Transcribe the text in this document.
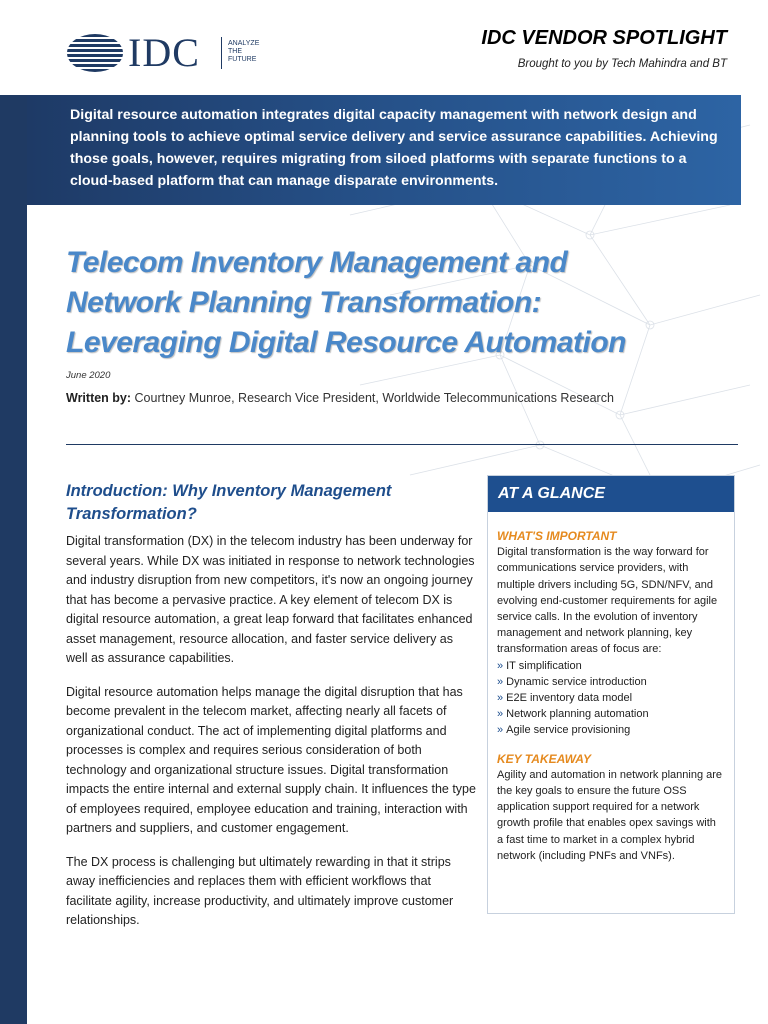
IDC	ANALYZE
THE
FUTURE
IDC VENDOR SPOTLIGHT
Brought to you by Tech Mahindra and BT
Digital resource automation integrates digital capacity management with network design and planning tools to achieve optimal service delivery and service assurance capabilities. Achieving those goals, however, requires migrating from siloed platforms with separate functions to a cloud-based platform that can manage disparate environments.
Telecom Inventory Management and
Network Planning Transformation:
Leveraging Digital Resource Automation
June 2020
Written by: Courtney Munroe, Research Vice President, Worldwide Telecommunications Research
Introduction: Why Inventory Management Transformation?

Digital transformation (DX) in the telecom industry has been underway for several years. While DX was initiated in response to network technologies and industry disruption from new competitors, it's now an ongoing journey that has become a pervasive practice. A key element of telecom DX is digital resource automation, a great leap forward that facilitates enhanced asset management, resource allocation, and faster service delivery as well as assurance capabilities.

Digital resource automation helps manage the digital disruption that has become prevalent in the telecom market, affecting nearly all facets of organizational conduct. The act of implementing digital platforms and processes is complex and requires serious consideration of both technology and organizational structure issues. Digital transformation impacts the entire internal and external supply chain. It influences the type of employees required, employee education and training, interaction with partners and suppliers, and customer engagement.

The DX process is challenging but ultimately rewarding in that it strips away inefficiencies and replaces them with efficient workflows that facilitate agility, increase productivity, and ultimately improve customer relationships.

AT A GLANCE
WHAT'S IMPORTANT
Digital transformation is the way forward for communications service providers, with multiple drivers including 5G, SDN/NFV, and evolving end-customer requirements for agile service calls. In the evolution of inventory management and network planning, key transformation areas of focus are:
» IT simplification
» Dynamic service introduction
» E2E inventory data model
» Network planning automation
» Agile service provisioning
KEY TAKEAWAY
Agility and automation in network planning are the key goals to ensure the future OSS application support required for a network growth profile that enables opex savings with a fast time to market in a complex hybrid network (including PNFs and VNFs).
